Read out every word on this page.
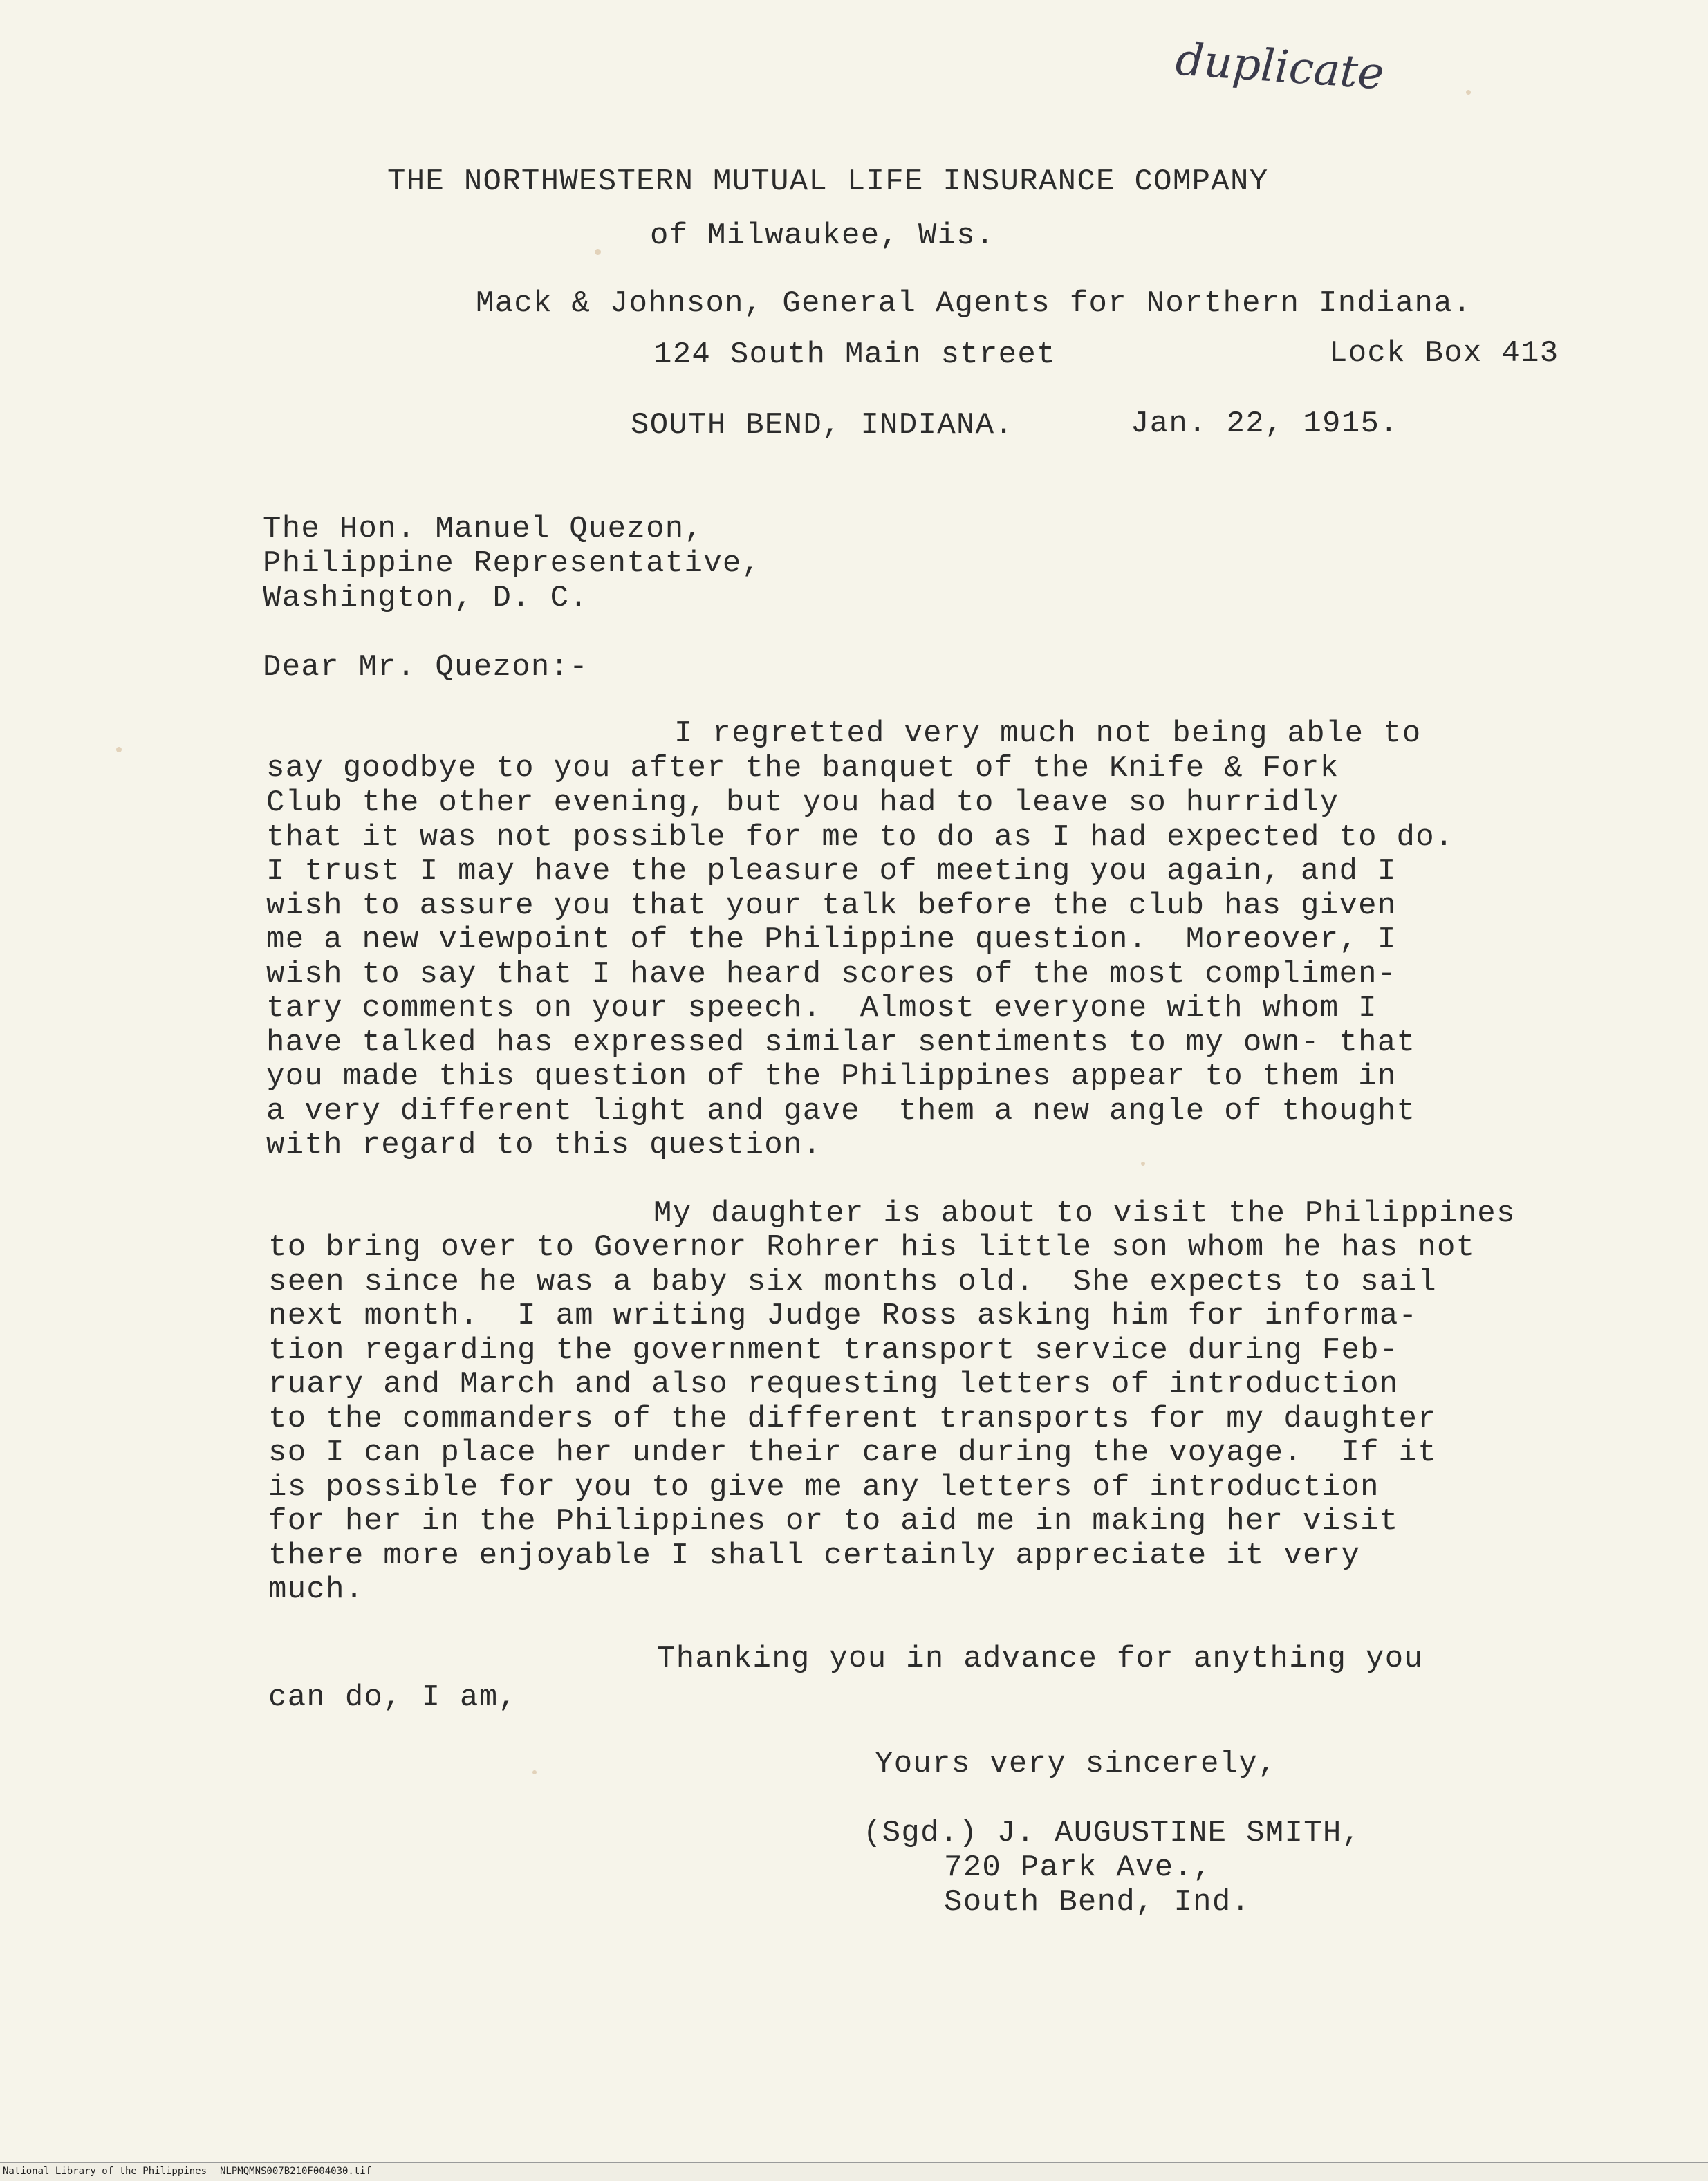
duplicate
THE NORTHWESTERN MUTUAL LIFE INSURANCE COMPANY
of Milwaukee, Wis.
Mack & Johnson, General Agents for Northern Indiana.
124 South Main street	Lock Box 413
SOUTH BEND, INDIANA.	Jan. 22, 1915.
The Hon. Manuel Quezon,
Philippine Representative,
Washington, D. C.
Dear Mr. Quezon:-
I regretted very much not being able to
say goodbye to you after the banquet of the Knife & Fork
Club the other evening, but you had to leave so hurridly
that it was not possible for me to do as I had expected to do.
I trust I may have the pleasure of meeting you again, and I
wish to assure you that your talk before the club has given
me a new viewpoint of the Philippine question.  Moreover, I
wish to say that I have heard scores of the most complimen-
tary comments on your speech.  Almost everyone with whom I
have talked has expressed similar sentiments to my own- that
you made this question of the Philippines appear to them in
a very different light and gave  them a new angle of thought
with regard to this question.
My daughter is about to visit the Philippines
to bring over to Governor Rohrer his little son whom he has not
seen since he was a baby six months old.  She expects to sail
next month.  I am writing Judge Ross asking him for informa-
tion regarding the government transport service during Feb-
ruary and March and also requesting letters of introduction
to the commanders of the different transports for my daughter
so I can place her under their care during the voyage.  If it
is possible for you to give me any letters of introduction
for her in the Philippines or to aid me in making her visit
there more enjoyable I shall certainly appreciate it very
much.
Thanking you in advance for anything you
can do, I am,
Yours very sincerely,
(Sgd.) J. AUGUSTINE SMITH,
720 Park Ave.,
South Bend, Ind.
National Library of the Philippines NLPMQMNS007B210F004030.tif
